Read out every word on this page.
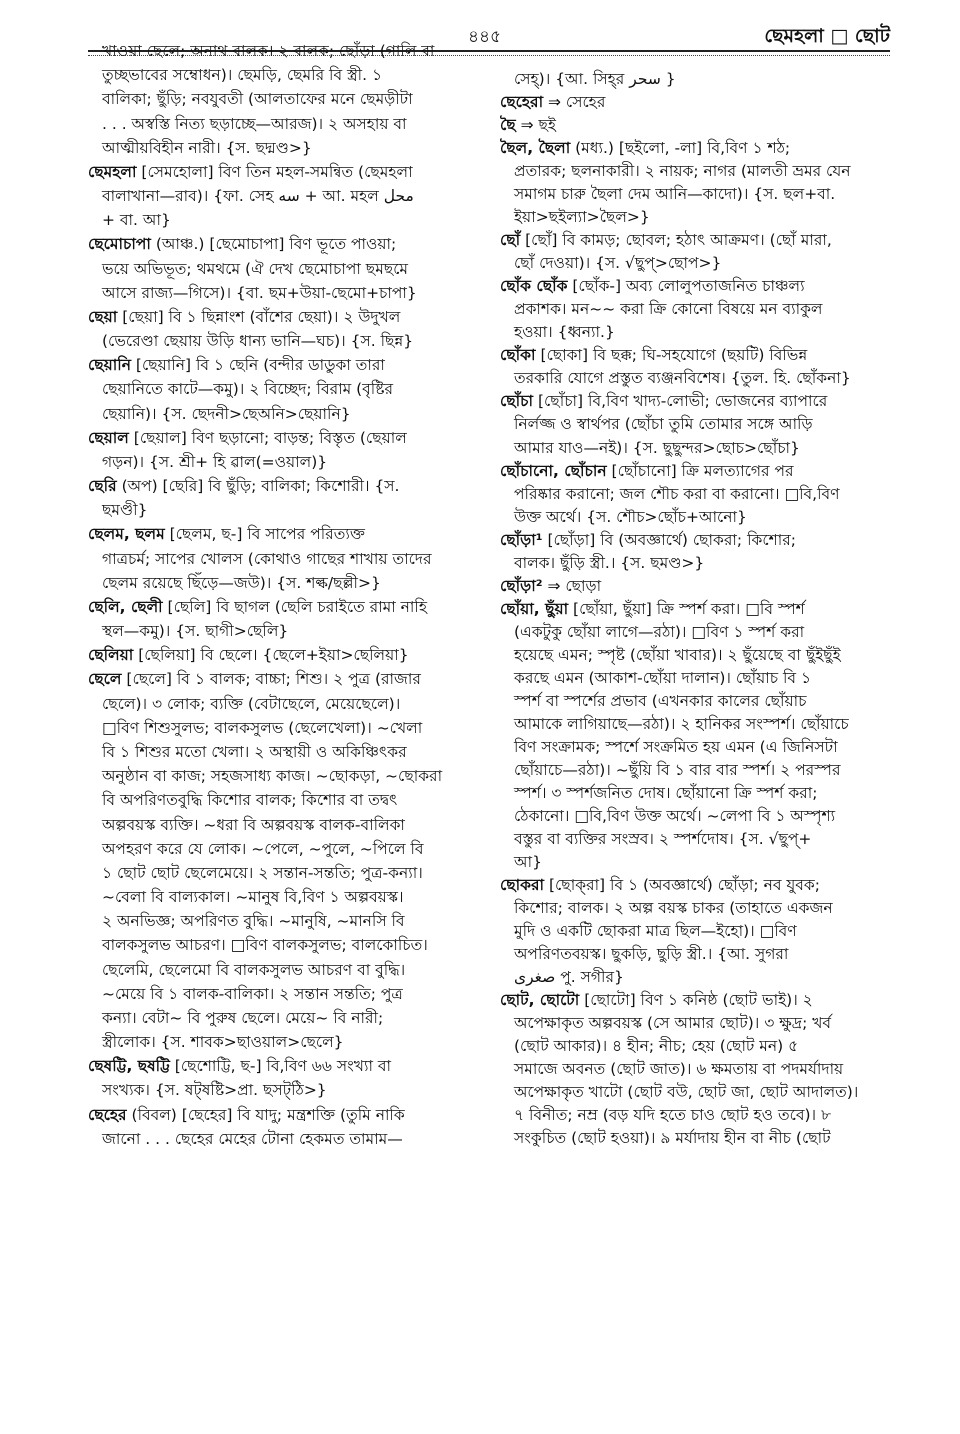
৪৪৫	ছেমহলা □ ছোট
খাওয়া ছেলে; অনাথ বালক। ২ বালক; ছোঁড়া (গালি বা
তুচ্ছভাবের সম্বোধন)। ছেমড়ি, ছেমরি বি স্ত্রী. ১
বালিকা; ছুঁড়ি; নবযুবতী (আলতাফের মনে ছেমড়ীটা
. . . অস্বস্তি নিত্য ছড়াচ্ছে—আরজ)। ২ অসহায় বা
আত্মীয়বিহীন নারী। {স. ছদ্মণ্ড>}
ছেমহলা [সেমহোলা] বিণ তিন মহল-সমন্বিত (ছেমহলা
বালাখানা—রাব)। {ফা. সেহ سه + আ. মহল محل
+ বা. আ}
ছেমোচাপা (আঞ্চ.) [ছেমোচাপা] বিণ ভূতে পাওয়া;
ভয়ে অভিভূত; থমথমে (ঐ দেখ ছেমোচাপা ছমছমে
আসে রাজ্য—গিসে)। {বা. ছম+উয়া-ছেমো+চাপা}
ছেয়া [ছেয়া] বি ১ ছিন্নাংশ (বাঁশের ছেয়া)। ২ উদুখল
(ভেরেণ্ডা ছেয়ায় উড়ি ধান্য ভানি—ঘচ)। {স. ছিন্ন}
ছেয়ানি [ছেয়ানি] বি ১ ছেনি (বন্দীর ডাডুকা তারা
ছেয়ানিতে কাটে—কমু)। ২ বিচ্ছেদ; বিরাম (বৃষ্টির
ছেয়ানি)। {স. ছেদনী>ছেঅনি>ছেয়ানি}
ছেয়াল [ছেয়াল] বিণ ছড়ানো; বাড়ন্ত; বিস্তৃত (ছেয়াল
গড়ন)। {স. শ্রী+ হি ৱাল(=ওয়াল)}
ছেরি (অপ) [ছেরি] বি ছুঁড়ি; বালিকা; কিশোরী। {স.
ছমণ্ডী}
ছেলম, ছলম [ছেলম, ছ-] বি সাপের পরিত্যক্ত
গাত্রচর্ম; সাপের খোলস (কোথাও গাছের শাখায় তাদের
ছেলম রয়েছে ছিঁড়ে—জউ)। {স. শল্ক/ছল্লী>}
ছেলি, ছেলী [ছেলি] বি ছাগল (ছেলি চরাইতে রামা নাহি
স্থল—কমু)। {স. ছাগী>ছেলি}
ছেলিয়া [ছেলিয়া] বি ছেলে। {ছেলে+ইয়া>ছেলিয়া}
ছেলে [ছেলে] বি ১ বালক; বাচ্চা; শিশু। ২ পুত্র (রাজার
ছেলে)। ৩ লোক; ব্যক্তি (বেটাছেলে, মেয়েছেলে)।
□বিণ শিশুসুলভ; বালকসুলভ (ছেলেখেলা)। ~খেলা
বি ১ শিশুর মতো খেলা। ২ অস্থায়ী ও অকিঞ্চিৎকর
অনুষ্ঠান বা কাজ; সহজসাধ্য কাজ। ~ছোকড়া, ~ছোকরা
বি অপরিণতবুদ্ধি কিশোর বালক; কিশোর বা তদ্বৎ
অল্পবয়স্ক ব্যক্তি। ~ধরা বি অল্পবয়স্ক বালক-বালিকা
অপহরণ করে যে লোক। ~পেলে, ~পুলে, ~পিলে বি
১ ছোট ছোট ছেলেমেয়ে। ২ সন্তান-সন্ততি; পুত্র-কন্যা।
~বেলা বি বাল্যকাল। ~মানুষ বি,বিণ ১ অল্পবয়স্ক।
২ অনভিজ্ঞ; অপরিণত বুদ্ধি। ~মানুষি, ~মানসি বি
বালকসুলভ আচরণ। □বিণ বালকসুলভ; বালকোচিত।
ছেলেমি, ছেলেমো বি বালকসুলভ আচরণ বা বুদ্ধি।
~মেয়ে বি ১ বালক-বালিকা। ২ সন্তান সন্ততি; পুত্র
কন্যা। বেটা~ বি পুরুষ ছেলে। মেয়ে~ বি নারী;
স্ত্রীলোক। {স. শাবক>ছাওয়াল>ছেলে}
ছেষট্টি, ছষট্টি [ছেশোট্টি, ছ-] বি,বিণ ৬৬ সংখ্যা বা
সংখ্যক। {স. ষট্‌ষষ্টি>প্রা. ছসট্‌ঠি>}
ছেহের (বিবল) [ছেহের] বি যাদু; মন্ত্রশক্তি (তুমি নাকি
জানো . . . ছেহের মেহের টোনা হেকমত তামাম—
সেহ্‌)। {আ. সিহ্‌র سحر }
ছেহেরা ⇒ সেহের
ছৈ ⇒ ছই
ছৈল, ছৈলা (মধ্য.) [ছইলো, -লা] বি,বিণ ১ শঠ;
প্রতারক; ছলনাকারী। ২ নায়ক; নাগর (মালতী ভ্রমর যেন
সমাগম চারু ছৈলা দেম আনি—কাদো)। {স. ছল+বা.
ইয়া>ছইল্যা>ছৈল>}
ছোঁ [ছোঁ] বি কামড়; ছোবল; হঠাৎ আক্রমণ। (ছোঁ মারা,
ছোঁ দেওয়া)। {স. √ছুপ্‌>ছোপ>}
ছোঁক ছোঁক [ছোঁক-] অব্য লোলুপতাজনিত চাঞ্চল্য
প্রকাশক। মন~~ করা ক্রি কোনো বিষয়ে মন ব্যাকুল
হওয়া। {ধ্বন্যা.}
ছোঁকা [ছোকা] বি ছক্ক; ঘি-সহযোগে (ছয়টি) বিভিন্ন
তরকারি যোগে প্রস্তুত ব্যঞ্জনবিশেষ। {তুল. হি. ছোঁকনা}
ছোঁচা [ছোঁচা] বি,বিণ খাদ্য-লোভী; ভোজনের ব্যাপারে
নির্লজ্জ ও স্বার্থপর (ছোঁচা তুমি তোমার সঙ্গে আড়ি
আমার যাও—নই)। {স. ছুছুন্দর>ছোচ>ছোঁচা}
ছোঁচানো, ছোঁচান [ছোঁচানো] ক্রি মলত্যাগের পর
পরিষ্কার করানো; জল শৌচ করা বা করানো। □বি,বিণ
উক্ত অর্থে। {স. শৌচ>ছোঁচ+আনো}
ছোঁড়া¹ [ছোঁড়া] বি (অবজ্ঞার্থে) ছোকরা; কিশোর;
বালক। ছুঁড়ি স্ত্রী.। {স. ছমণ্ড>}
ছোঁড়া² ⇒ ছোড়া
ছোঁয়া, ছুঁয়া [ছোঁয়া, ছুঁয়া] ক্রি স্পর্শ করা। □বি স্পর্শ
(একটুকু ছোঁয়া লাগে—রঠা)। □বিণ ১ স্পর্শ করা
হয়েছে এমন; স্পৃষ্ট (ছোঁয়া খাবার)। ২ ছুঁয়েছে বা ছুঁইছুঁই
করছে এমন (আকাশ-ছোঁয়া দালান)। ছোঁয়াচ বি ১
স্পর্শ বা স্পর্শের প্রভাব (এখনকার কালের ছোঁয়াচ
আমাকে লাগিয়াছে—রঠা)। ২ হানিকর সংস্পর্শ। ছোঁয়াচে
বিণ সংক্রামক; স্পর্শে সংক্রমিত হয় এমন (এ জিনিসটা
ছোঁয়াচে—রঠা)। ~ছুঁয়ি বি ১ বার বার স্পর্শ। ২ পরস্পর
স্পর্শ। ৩ স্পর্শজনিত দোষ। ছোঁয়ানো ক্রি স্পর্শ করা;
ঠেকানো। □বি,বিণ উক্ত অর্থে। ~লেপা বি ১ অস্পৃশ্য
বস্তুর বা ব্যক্তির সংস্রব। ২ স্পর্শদোষ। {স. √ছুপ্‌+
আ}
ছোকরা [ছোক্‌রা] বি ১ (অবজ্ঞার্থে) ছোঁড়া; নব যুবক;
কিশোর; বালক। ২ অল্প বয়স্ক চাকর (তাহাতে একজন
মুদি ও একটি ছোকরা মাত্র ছিল—ইহো)। □বিণ
অপরিণতবয়স্ক। ছুকড়ি, ছুড়ি স্ত্রী.। {আ. সুগরা
صغرى পু. সগীর}
ছোট, ছোটো [ছোটো] বিণ ১ কনিষ্ঠ (ছোট ভাই)। ২
অপেক্ষাকৃত অল্পবয়স্ক (সে আমার ছোট)। ৩ ক্ষুদ্র; খর্ব
(ছোট আকার)। ৪ হীন; নীচ; হেয় (ছোট মন) ৫
সমাজে অবনত (ছোট জাত)। ৬ ক্ষমতায় বা পদমর্যাদায়
অপেক্ষাকৃত খাটো (ছোট বউ, ছোট জা, ছোট আদালত)।
৭ বিনীত; নম্র (বড় যদি হতে চাও ছোট হও তবে)। ৮
সংকুচিত (ছোট হওয়া)। ৯ মর্যাদায় হীন বা নীচ (ছোট
